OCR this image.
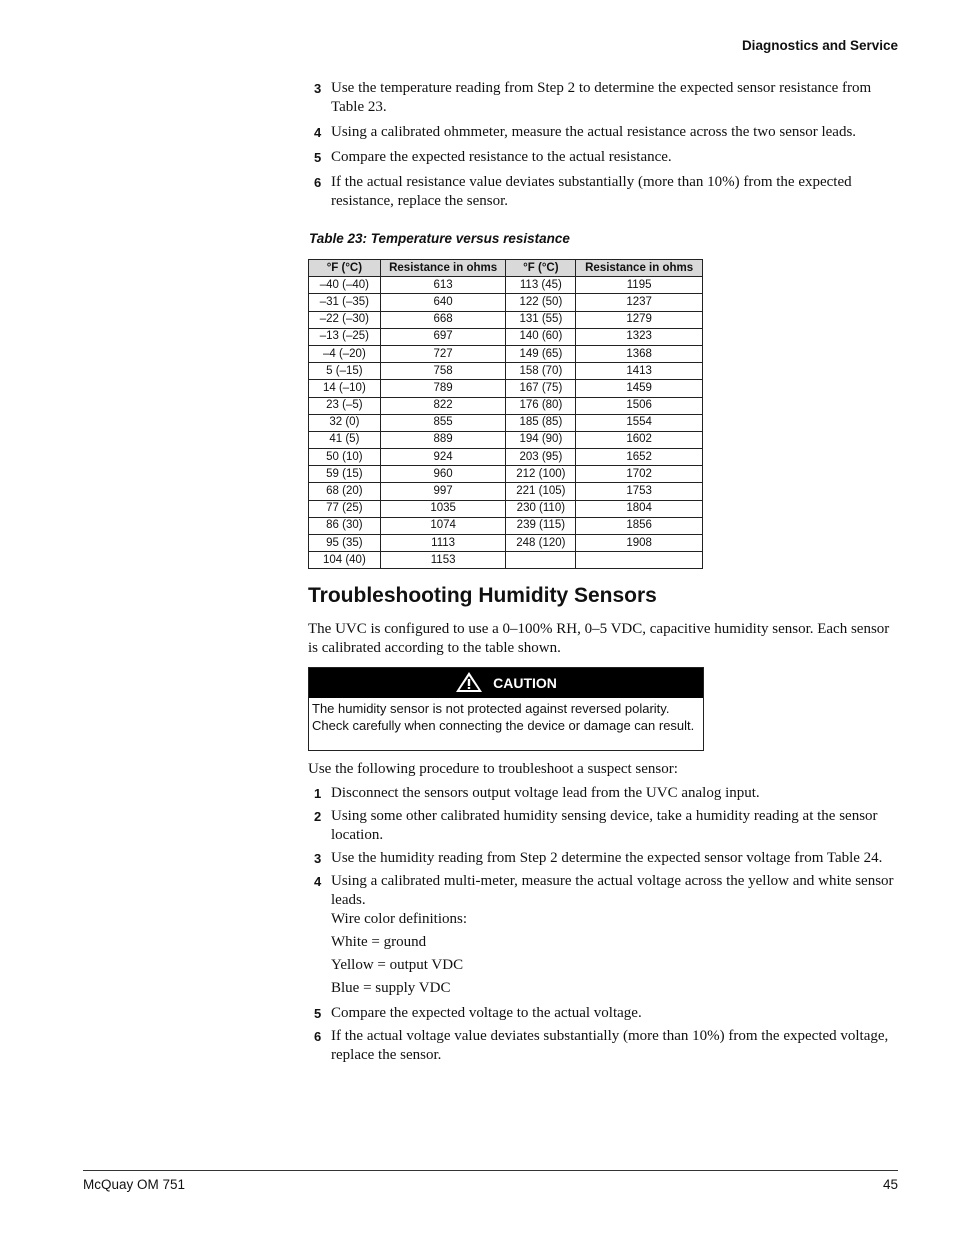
Diagnostics and Service
3 Use the temperature reading from Step 2 to determine the expected sensor resistance from Table 23.
4 Using a calibrated ohmmeter, measure the actual resistance across the two sensor leads.
5 Compare the expected resistance to the actual resistance.
6 If the actual resistance value deviates substantially (more than 10%) from the expected resistance, replace the sensor.
Table 23: Temperature versus resistance
°F (°C)	Resistance in ohms	°F (°C)	Resistance in ohms
–40 (–40)	613	113 (45)	1195
–31 (–35)	640	122 (50)	1237
–22 (–30)	668	131 (55)	1279
–13 (–25)	697	140 (60)	1323
–4 (–20)	727	149 (65)	1368
5 (–15)	758	158 (70)	1413
14 (–10)	789	167 (75)	1459
23 (–5)	822	176 (80)	1506
32 (0)	855	185 (85)	1554
41 (5)	889	194 (90)	1602
50 (10)	924	203 (95)	1652
59 (15)	960	212 (100)	1702
68 (20)	997	221 (105)	1753
77 (25)	1035	230 (110)	1804
86 (30)	1074	239 (115)	1856
95 (35)	1113	248 (120)	1908
104 (40)	1153		
Troubleshooting Humidity Sensors
The UVC is configured to use a 0–100% RH, 0–5 VDC, capacitive humidity sensor. Each sensor is calibrated according to the table shown.
CAUTION
The humidity sensor is not protected against reversed polarity. Check carefully when connecting the device or damage can result.
Use the following procedure to troubleshoot a suspect sensor:
1 Disconnect the sensors output voltage lead from the UVC analog input.
2 Using some other calibrated humidity sensing device, take a humidity reading at the sensor location.
3 Use the humidity reading from Step 2 determine the expected sensor voltage from Table 24.
4 Using a calibrated multi-meter, measure the actual voltage across the yellow and white sensor leads.
Wire color definitions:
White = ground
Yellow = output VDC
Blue = supply VDC
5 Compare the expected voltage to the actual voltage.
6 If the actual voltage value deviates substantially (more than 10%) from the expected voltage, replace the sensor.
McQuay OM 751	45
